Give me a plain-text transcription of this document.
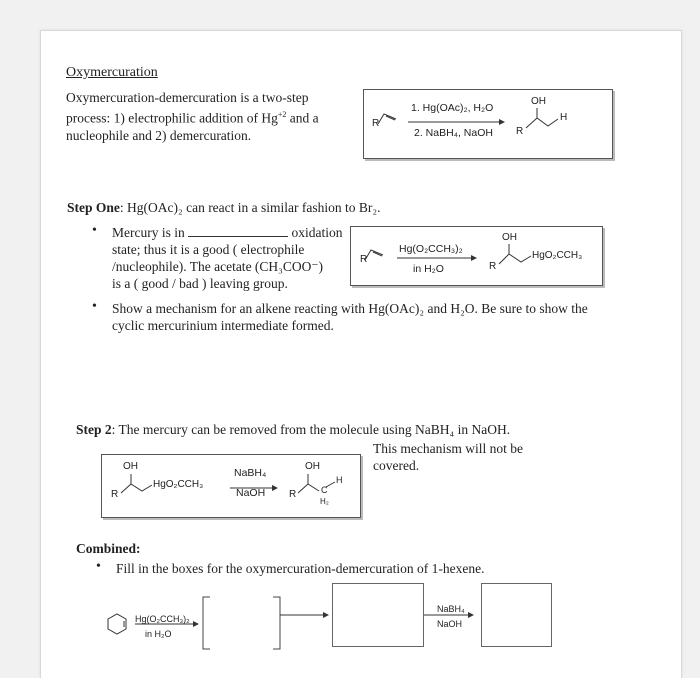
Oxymercuration
Oxymercuration-demercuration is a two-step
process: 1) electrophilic addition of $Hg^{+2}$ and a
nucleophile and 2) demercuration.
R
1. Hg(OAc)₂, H₂O
2. NaBH₄, NaOH
OH
H
R
Step One: Hg(OAc)₂ can react in a similar fashion to Br₂.
• Mercury is in	oxidation
state; thus it is a good ( electrophile
/nucleophile). The acetate (CH₃COO⁻)
is a ( good / bad ) leaving group.
R
Hg(O₂CCH₃)₂
in H₂O
OH
R
HgO₂CCH₃
• Show a mechanism for an alkene reacting with Hg(OAc)₂ and H₂O. Be sure to show the
cyclic mercurinium intermediate formed.
Step 2: The mercury can be removed from the molecule using NaBH₄ in NaOH.
This mechanism will not be
covered.
OH
R
HgO₂CCH₃
NaBH₄
NaOH
OH
R	C
H
H₂
Combined:
• Fill in the boxes for the oxymercuration-demercuration of 1-hexene.
Hg(O₂CCH₃)₂
in H₂O
NaBH₄
NaOH
